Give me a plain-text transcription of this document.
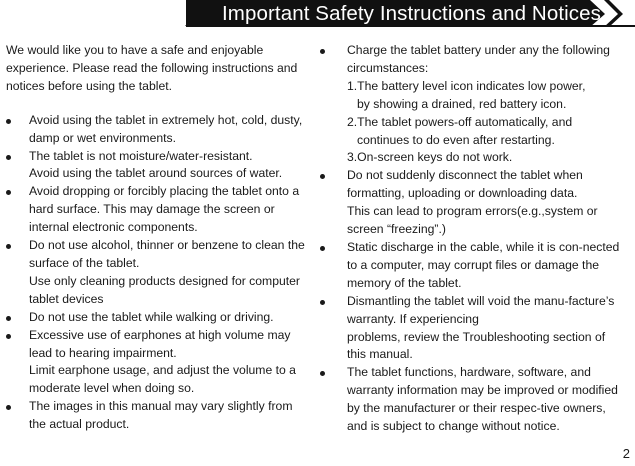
Important Safety Instructions and Notices

We would like you to have a safe and enjoyable experience. Please read the following instructions and notices before using the tablet.

Avoid using the tablet in extremely hot, cold, dusty, damp or wet environments.
The tablet is not moisture/water-resistant.
Avoid using the tablet around sources of water.
Avoid dropping or forcibly placing the tablet onto a hard surface. This may damage the screen or internal electronic components.
Do not use alcohol, thinner or benzene to clean the surface of the tablet.
Use only cleaning products designed for computer tablet devices
Do not use the tablet while walking or driving.
Excessive use of earphones at high volume may lead to hearing impairment.
Limit earphone usage, and adjust the volume to a moderate level when doing so.
The images in this manual may vary slightly from the actual product.
Charge the tablet battery under any the following circumstances:
1.The battery level icon indicates low power,
by showing a drained, red battery icon.
2.The tablet powers-off automatically, and
continues to do even after restarting.
3.On-screen keys do not work.
Do not suddenly disconnect the tablet when formatting, uploading or downloading data.
This can lead to program errors(e.g.,system or screen “freezing”.)
Static discharge in the cable, while it is con-nected to a computer, may corrupt files or damage the memory of the tablet.
Dismantling the tablet will void the manu-facture’s warranty. If experiencing
problems, review the Troubleshooting section of this manual.
The tablet functions, hardware, software, and warranty information may be improved or modified by the manufacturer or their respec-tive owners, and is subject to change without notice.
2
